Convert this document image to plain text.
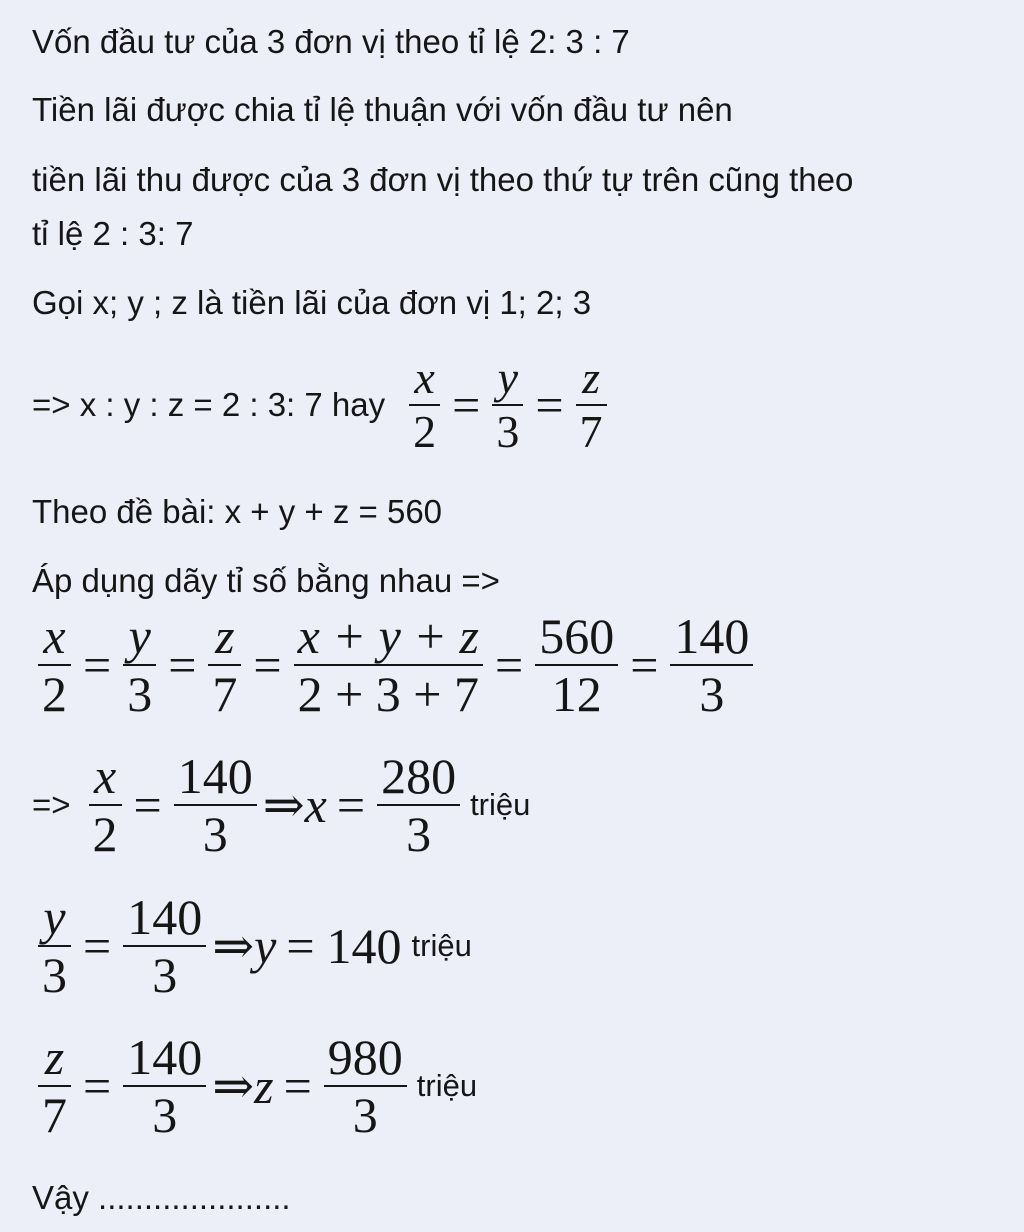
Vốn đầu tư của 3 đơn vị theo tỉ lệ 2: 3 : 7
Tiền lãi được chia tỉ lệ thuận với vốn đầu tư nên
tiền lãi thu được của 3 đơn vị theo thứ tự trên cũng theo
tỉ lệ 2 : 3: 7
Gọi x; y ; z là tiền lãi của đơn vị 1; 2; 3
=> x : y : z = 2 : 3: 7 hay $\frac{x}{2} = \frac{y}{3} = \frac{z}{7}$
Theo đề bài: x + y + z = 560
Áp dụng dãy tỉ số bằng nhau =>
$\frac{x}{2} = \frac{y}{3} = \frac{z}{7} = \frac{x + y + z}{2 + 3 + 7} = \frac{560}{12} = \frac{140}{3}$
=> $\frac{x}{2} = \frac{140}{3}$ ⇒ $x = \frac{280}{3}$ triệu
$\frac{y}{3} = \frac{140}{3}$ ⇒ y = 140 triệu
$\frac{z}{7} = \frac{140}{3}$ ⇒ $z = \frac{980}{3}$ triệu
Vậy .....................
